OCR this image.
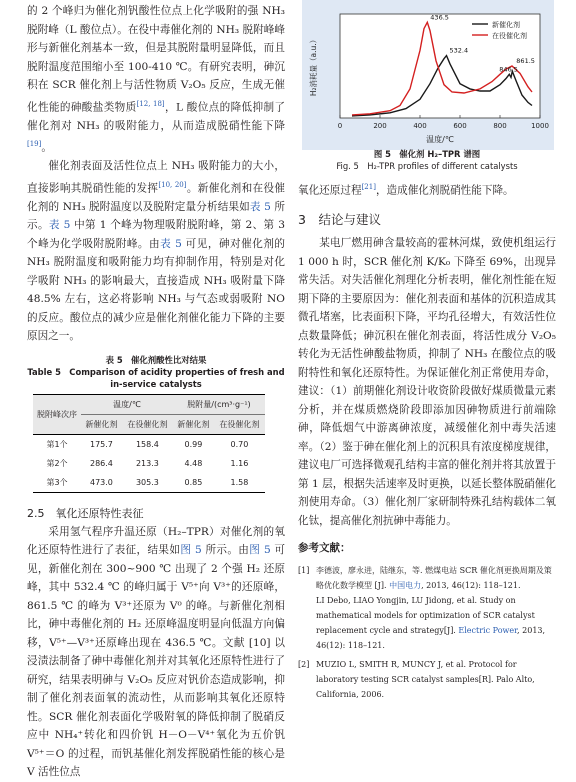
的 2 个峰归为催化剂钒酸性位点上化学吸附的强 NH₃ 脱附峰（L 酸位点）。在役中毒催化剂的 NH₃ 脱附峰峰形与新催化剂基本一致，但是其脱附量明显降低，而且脱附温度范围缩小至 100-410 ℃。有研究表明，砷沉积在 SCR 催化剂上与活性物质 V₂O₅ 反应，生成无催化性能的砷酸盐类物质[12, 18]，L 酸位点的降低抑制了催化剂对 NH₃ 的吸附能力，从而造成脱硝性能下降[19]。

催化剂表面及活性位点上 NH₃ 吸附能力的大小，直接影响其脱硝性能的发挥[10, 20]。新催化剂和在役催化剂的 NH₃ 脱附温度以及脱附定量分析结果如表 5 所示。表 5 中第 1 个峰为物理吸附脱附峰，第 2、第 3 个峰为化学吸附脱附峰。由表 5 可见，砷对催化剂的 NH₃ 脱附温度和吸附能力均有抑制作用，特别是对化学吸附 NH₃ 的影响最大，直接造成 NH₃ 吸附量下降 48.5% 左右，这必将影响 NH₃ 与气态或弱吸附 NO 的反应。酸位点的减少应是催化剂催化能力下降的主要原因之一。

表 5　催化剂酸性比对结果
Table 5　Comparison of acidity properties of fresh and
in-service catalysts
脱附峰次序	温度/℃		脱附量/(cm³·g⁻¹)	
	新催化剂	在役催化剂	新催化剂	在役催化剂
第1个	175.7	158.4	0.99	0.70
第2个	286.4	213.3	4.48	1.16
第3个	473.0	305.3	0.85	1.58
2.5　氧化还原特性表征

采用氢气程序升温还原（H₂–TPR）对催化剂的氧化还原特性进行了表征，结果如图 5 所示。由图 5 可见，新催化剂在 300~900 ℃ 出现了 2 个强 H₂ 还原峰，其中 532.4 ℃ 的峰归属于 V⁵⁺向 V³⁺的还原峰，861.5 ℃ 的峰为 V³⁺还原为 V⁰ 的峰。与新催化剂相比，砷中毒催化剂的 H₂ 还原峰温度明显向低温方向偏移，V⁵⁺—V³⁺还原峰出现在 436.5 ℃。文献 [10] 以浸渍法制备了砷中毒催化剂并对其氧化还原特性进行了研究，结果表明砷与 V₂O₅ 反应对钒价态造成影响，抑制了催化剂表面氧的流动性，从而影响其氧化还原特性。SCR 催化剂表面化学吸附氧的降低抑制了脱硝反应中 NH₄⁺转化和四价钒 H－O－V⁴⁺氧化为五价钒 V⁵⁺＝O 的过程，而钒基催化剂发挥脱硝性能的核心是 V 活性位点

0	200	400	600	800	1000
温度/℃
H₂消耗量（a.u.）
436.5
532.4
846.5
861.5
新催化剂
在役催化剂
图 5　催化剂 H₂–TPR 谱图
Fig. 5　H₂-TPR profiles of different catalysts

氧化还原过程[21]，造成催化剂脱硝性能下降。

3　结论与建议

某电厂燃用砷含量较高的霍林河煤，致使机组运行 1 000 h 时，SCR 催化剂 K/K₀ 下降至 69%，出现异常失活。对失活催化剂理化分析表明，催化剂性能在短期下降的主要原因为：催化剂表面和基体的沉积造成其微孔堵塞，比表面积下降，平均孔径增大，有效活性位点数量降低；砷沉积在催化剂表面，将活性成分 V₂O₅ 转化为无活性砷酸盐物质，抑制了 NH₃ 在酸位点的吸附特性和氧化还原特性。为保证催化剂正常使用寿命，建议：（1）前期催化剂设计收资阶段做好煤质微量元素分析，并在煤质燃烧阶段即添加因砷物质进行前端除砷，降低烟气中游离砷浓度，减缓催化剂中毒失活速率。（2）鉴于砷在催化剂上的沉积具有浓度梯度规律，建议电厂可选择微观孔结构丰富的催化剂并将其放置于第 1 层，根据失活速率及时更换，以延长整体脱硝催化剂使用寿命。（3）催化剂厂家研制特殊孔结构载体二氧化钛，提高催化剂抗砷中毒能力。

参考文献：
[1] 李德波，廖永进，陆继东，等. 燃煤电站 SCR 催化剂更换周期及策略优化数学模型 [J]. 中国电力, 2013, 46(12): 118–121.
LI Debo, LIAO Yongjin, LU Jidong, et al. Study on mathematical models for optimization of SCR catalyst replacement cycle and strategy[J]. Electric Power, 2013, 46(12): 118–121.
[2] MUZIO L, SMITH R, MUNCY J, et al. Protocol for laboratory testing SCR catalyst samples[R]. Palo Alto, California, 2006.
